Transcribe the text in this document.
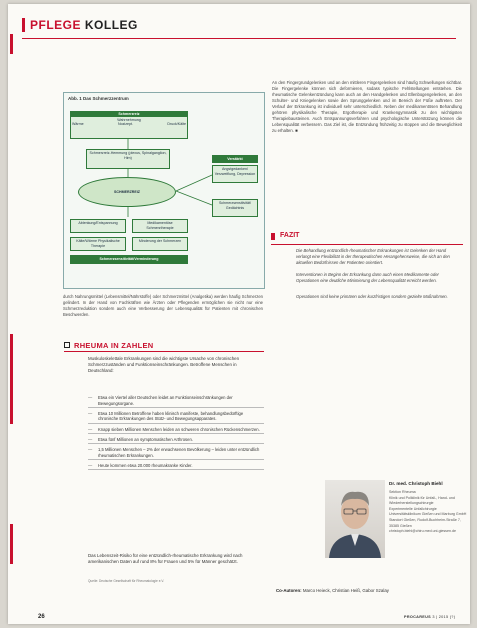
PFLEGE KOLLEG
Abb. 1 Das Schmerzzentrum
Schmerzreiz
Wahrnehmung
Wärme	Nozizept.	Druck/Kälte
Schmerzreiz-Hemmung (plexus, Spinalganglion, Hirn)
SCHMERZREIZ
Verstärkt
Angstgedanken/ Verzweiflung, Depression
Schmerzsensitivität/ Gedächtnis
Ablenkung/Entspannung	Medikamentöse Schmerztherapie
Kälte/Wärme Physikalische Therapie
Minderung der Schmerzen
Schmerzsensitivität/Verminderung
durch Nahrungsmittel (Lebensmittel/Nährstoffe) oder Schmerzmittel (Analgetika) werden häufig Schmerzen gelindert. In der Hand von Fachkräften wie Ärzten oder Pflegenden ermöglichen sie nicht nur eine Schmerzreduktion sondern auch eine Verbesserung der Lebensqualität für Patienten mit chronischen Beschwerden.
An den Fingergrundgelenken und an den mittleren Fingergelenken sind häufig Schwellungen sichtbar. Die Fingergelenke können sich deformieren, sodass typische Fehlstellungen entstehen. Die rheumatische Gelenkentzündung kann auch an den Handgelenken und Ellenbogengelenken, an den Schulter- und Kniegelenken sowie den Sprunggelenken und im Bereich der Füße auftreten. Der Verlauf der Erkrankung ist individuell sehr unterschiedlich. Neben der medikamentösen Behandlung gehören physikalische Therapie, Ergotherapie und Krankengymnastik zu den wichtigsten Therapiebausteinen. Auch Entspannungsverfahren und psychologische Unterstützung können die Lebensqualität verbessern. Das Ziel ist, die Entzündung frühzeitig zu stoppen und die Beweglichkeit zu erhalten. ■
FAZIT
Die Behandlung entzündlich-rheumatischer Erkrankungen ist Gelenken der Hand verlangt eine Flexibilität in der therapeutischen Herangehensweise, die sich an den aktuellen Bedürfnissen der Patienten orientiert.
Interventionen in Beginn der Erkrankung dann auch einen Medikamente oder Operationen eine deutliche Minimierung der Lebensqualität erreicht werden.
Operationen sind keine primären oder kurzfristigen sondern gezielte Maßnahmen.
RHEUMA IN ZAHLEN
Muskuloskelettale Erkrankungen sind die wichtigste Ursache von chronischen Schmerzzuständen und Funktionseinschränkungen. Betroffene Menschen in Deutschland:
— Etwa ein Viertel aller Deutschen leidet an Funktionseinschränkungen der Bewegungsorgane.
— Etwa 10 Millionen Betroffene haben klinisch manifeste, behandlungsbedürftige chronische Erkrankungen des Stütz- und Bewegungsapparates.
— Knapp sieben Millionen Menschen leiden an schweren chronischen Rückenschmerzen.
— Etwa fünf Millionen an symptomatischen Arthrosen.
— 1,5 Millionen Menschen – 2% der erwachsenen Bevölkerung – leiden unter entzündlich rheumatischen Erkrankungen.
— Heute kommen etwa 20.000 rheumakranke Kinder.
Das Lebenszeit-Risiko für eine entzündlich-rheumatische Erkrankung wird nach amerikanischen Daten auf rund 8% für Frauen und 5% für Männer geschätzt.
Quelle: Deutsche Gesellschaft für Rheumatologie e.V.
Dr. med. Christoph Biehl
Sektion Rheuma
Klinik und Poliklinik für Unfall-, Hand- und
Wiederherstellungschirurgie
Experimentelle Unfallchirurgie
Universitätsklinikum Gießen und Marburg GmbH
Standort Gießen, Rudolf-Buchheim-Straße 7, 35385 Gießen
christoph.biehl@chiru.med.uni-giessen.de
Co-Autoren: Marco Heieck, Christian Heiß, Gabor Szalay
26	PROCAREUS 3 | 2015 (?)
